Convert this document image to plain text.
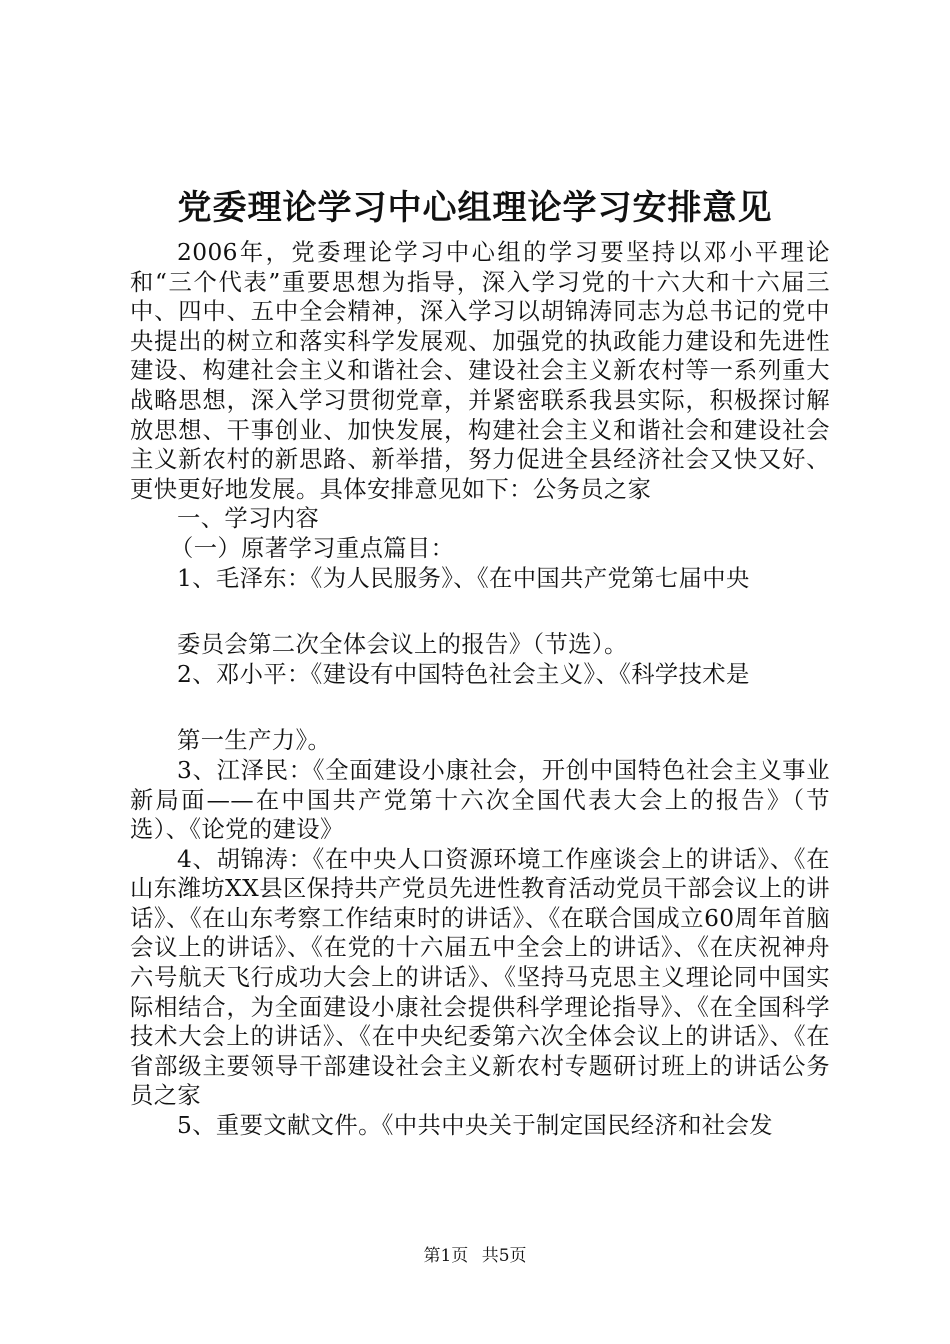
党委理论学习中心组理论学习安排意见

2006年，党委理论学习中心组的学习要坚持以邓小平理论和“三个代表”重要思想为指导，深入学习党的十六大和十六届三中、四中、五中全会精神，深入学习以胡锦涛同志为总书记的党中央提出的树立和落实科学发展观、加强党的执政能力建设和先进性建设、构建社会主义和谐社会、建设社会主义新农村等一系列重大战略思想，深入学习贯彻党章，并紧密联系我县实际，积极探讨解放思想、干事创业、加快发展，构建社会主义和谐社会和建设社会主义新农村的新思路、新举措，努力促进全县经济社会又快又好、更快更好地发展。具体安排意见如下：公务员之家

一、学习内容

（一）原著学习重点篇目：

1、毛泽东：《为人民服务》、《在中国共产党第七届中央

委员会第二次全体会议上的报告》（节选）。

2、邓小平：《建设有中国特色社会主义》、《科学技术是

第一生产力》。

3、江泽民：《全面建设小康社会，开创中国特色社会主义事业新局面——在中国共产党第十六次全国代表大会上的报告》（节选）、《论党的建设》

4、胡锦涛：《在中央人口资源环境工作座谈会上的讲话》、《在山东潍坊XX县区保持共产党员先进性教育活动党员干部会议上的讲话》、《在山东考察工作结束时的讲话》、《在联合国成立60周年首脑会议上的讲话》、《在党的十六届五中全会上的讲话》、《在庆祝神舟六号航天飞行成功大会上的讲话》、《坚持马克思主义理论同中国实际相结合，为全面建设小康社会提供科学理论指导》、《在全国科学技术大会上的讲话》、《在中央纪委第六次全体会议上的讲话》、《在省部级主要领导干部建设社会主义新农村专题研讨班上的讲话公务员之家

5、重要文献文件。《中共中央关于制定国民经济和社会发

第1页 共5页
